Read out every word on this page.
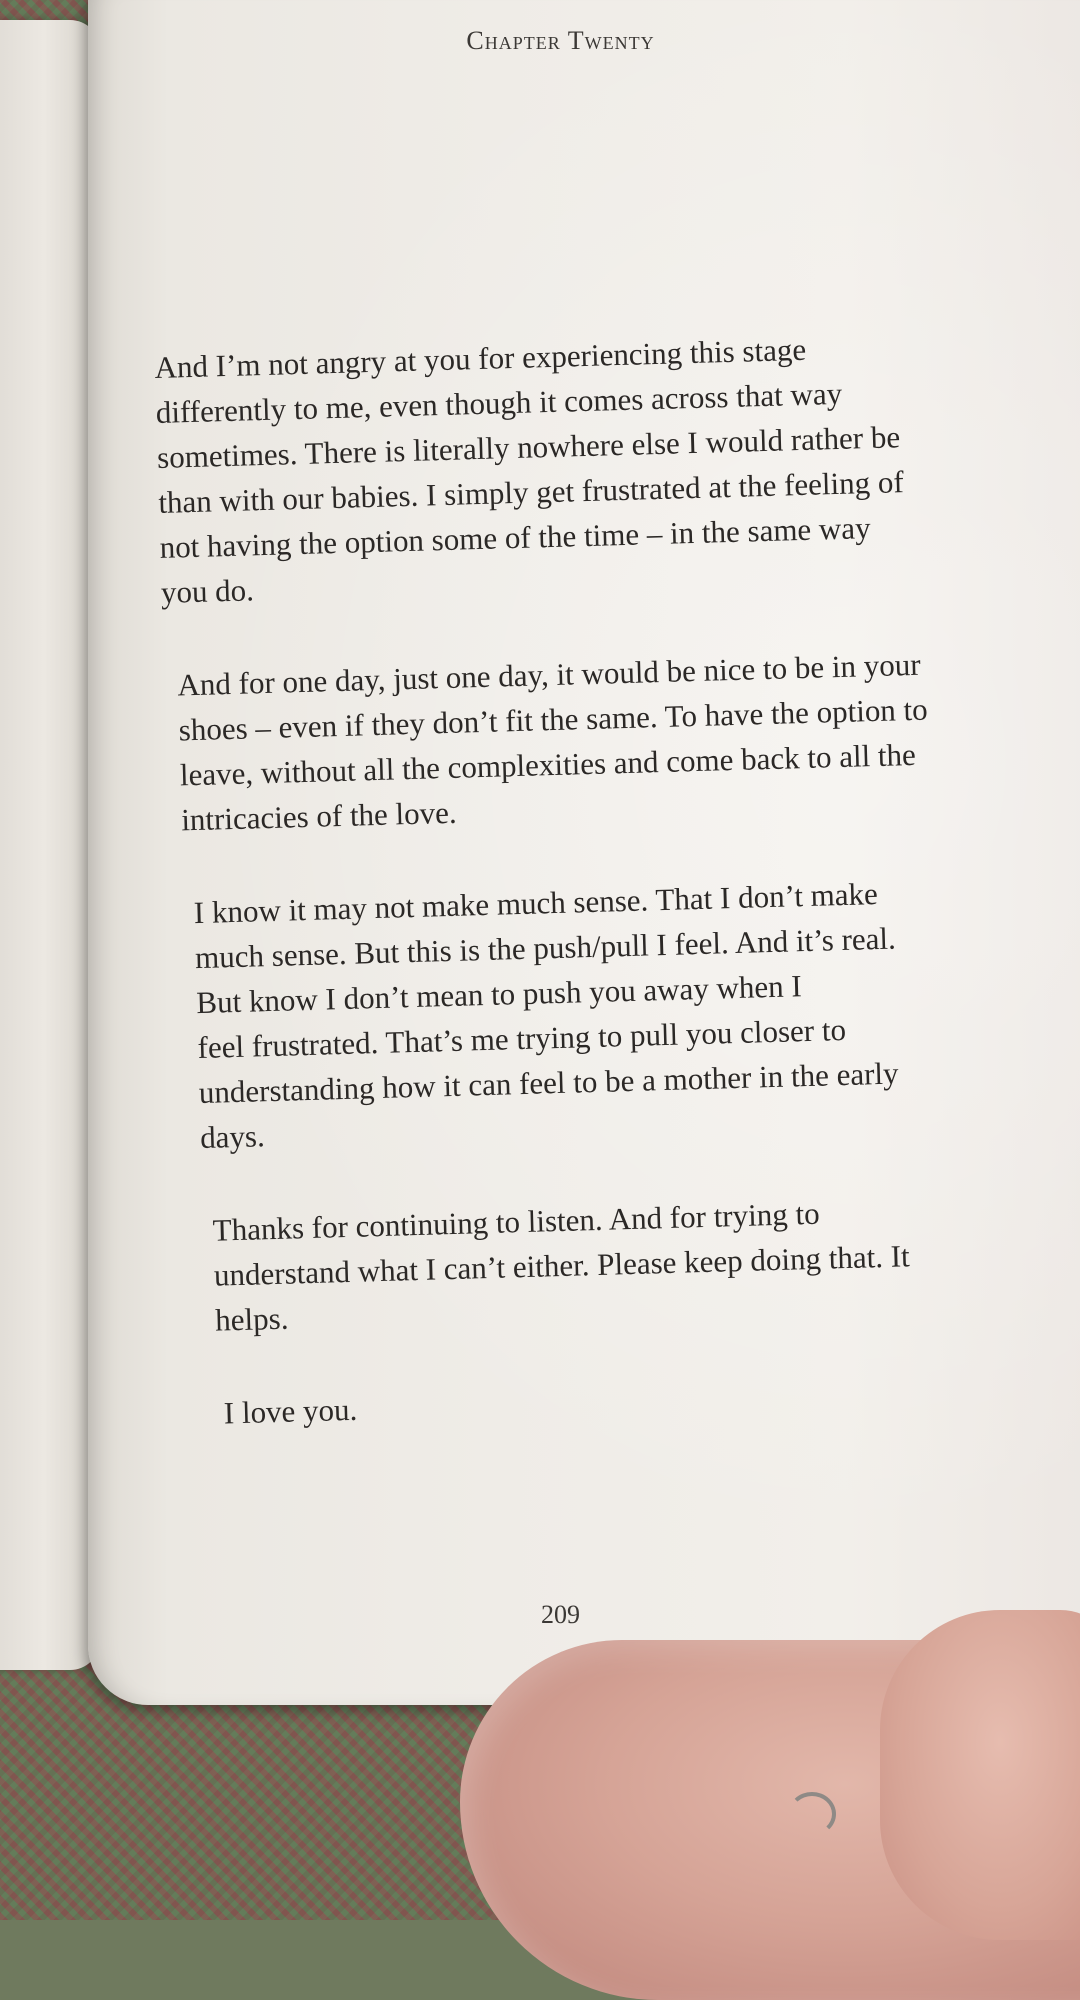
Chapter Twenty

And I’m not angry at you for experiencing this stage
differently to me, even though it comes across that way
sometimes. There is literally nowhere else I would rather be
than with our babies. I simply get frustrated at the feeling of
not having the option some of the time – in the same way
you do.

And for one day, just one day, it would be nice to be in your
shoes – even if they don’t fit the same. To have the option to
leave, without all the complexities and come back to all the
intricacies of the love.

I know it may not make much sense. That I don’t make
much sense. But this is the push/pull I feel. And it’s real.
But know I don’t mean to push you away when I
feel frustrated. That’s me trying to pull you closer to
understanding how it can feel to be a mother in the early
days.

Thanks for continuing to listen. And for trying to
understand what I can’t either. Please keep doing that. It
helps.

I love you.

209
